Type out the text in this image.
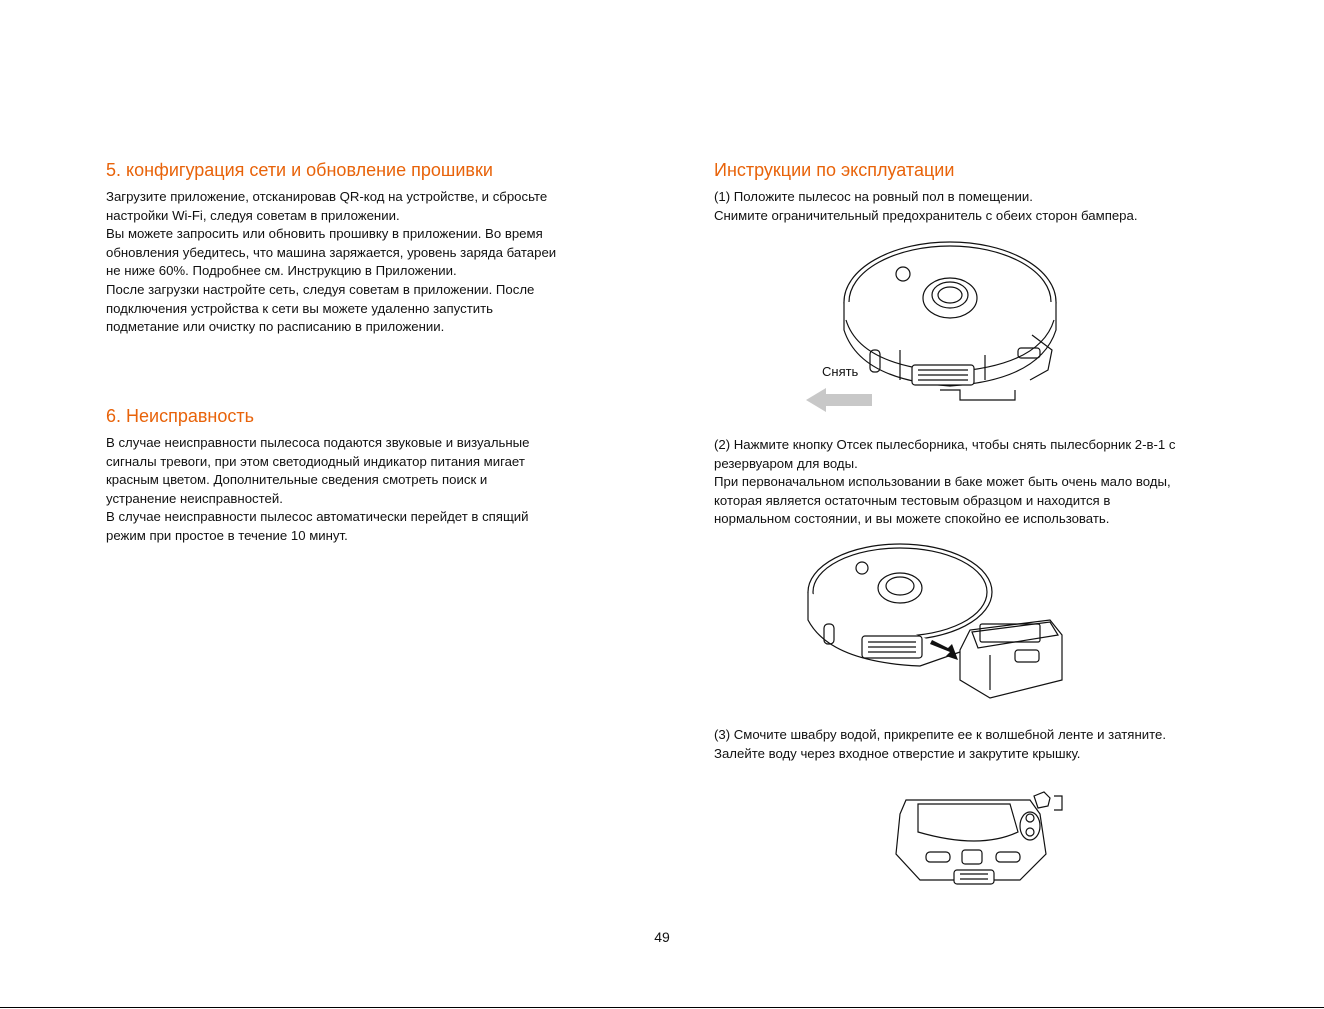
5. конфигурация сети и обновление прошивки

Загрузите приложение, отсканировав QR-код на устройстве, и сбросьте

настройки Wi-Fi, следуя советам в приложении.

Вы можете запросить или обновить прошивку в приложении. Во время

обновления убедитесь, что машина заряжается, уровень заряда батареи

не ниже 60%. Подробнее см. Инструкцию в Приложении.

После загрузки настройте сеть, следуя советам в приложении. После

подключения устройства к сети вы можете удаленно запустить

подметание или очистку по расписанию в приложении.

6. Неисправность

В случае неисправности пылесоса подаются звуковые и визуальные

сигналы тревоги, при этом светодиодный индикатор питания мигает

красным цветом. Дополнительные сведения смотреть поиск и

устранение неисправностей.

В случае неисправности пылесос автоматически перейдет в спящий

режим при простое в течение 10 минут.

Инструкции по эксплуатации

(1) Положите пылесос на ровный пол в помещении.

Снимите ограничительный предохранитель с обеих сторон бампера.

Снять

(2) Нажмите кнопку Отсек пылесборника, чтобы снять пылесборник 2-в-1 с

резервуаром для воды.

При первоначальном использовании в баке может быть очень мало воды,

которая является остаточным тестовым образцом и находится в

нормальном состоянии, и вы можете спокойно ее использовать.

(3) Смочите швабру водой, прикрепите ее к волшебной ленте и затяните.

Залейте воду через входное отверстие и закрутите крышку.

49
